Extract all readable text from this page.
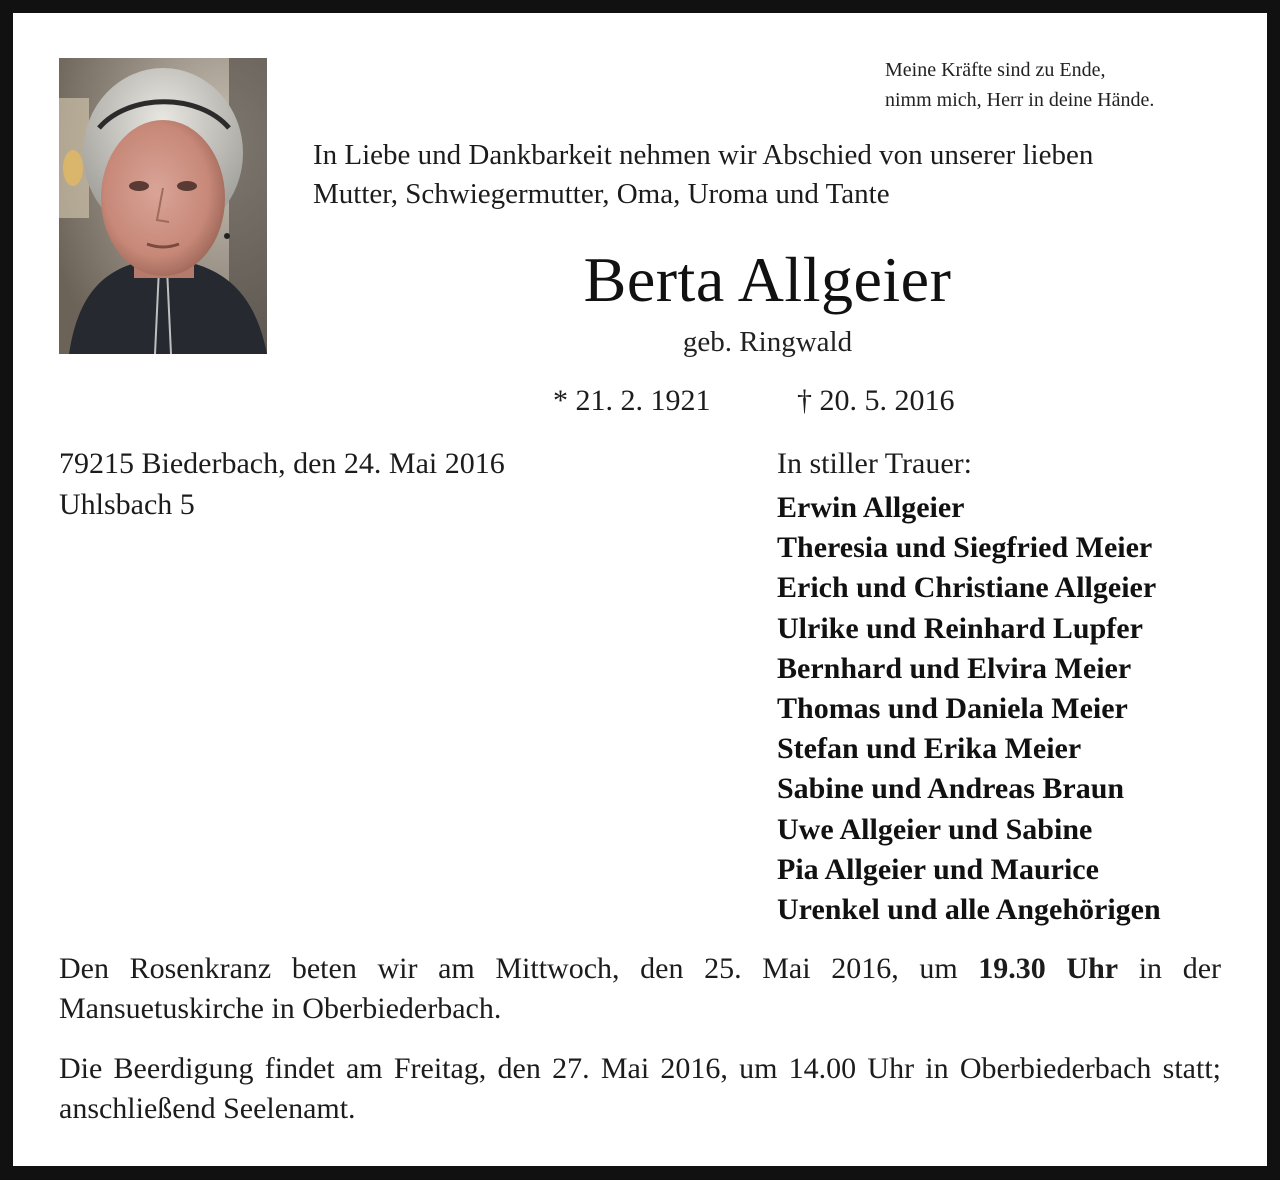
Meine Kräfte sind zu Ende,
nimm mich, Herr in deine Hände.
In Liebe und Dankbarkeit nehmen wir Abschied von unserer lieben
Mutter, Schwiegermutter, Oma, Uroma und Tante
Berta Allgeier
geb. Ringwald
* 21. 2. 1921	† 20. 5. 2016
79215 Biederbach, den 24. Mai 2016
Uhlsbach 5
In stiller Trauer:
Erwin Allgeier
Theresia und Siegfried Meier
Erich und Christiane Allgeier
Ulrike und Reinhard Lupfer
Bernhard und Elvira Meier
Thomas und Daniela Meier
Stefan und Erika Meier
Sabine und Andreas Braun
Uwe Allgeier und Sabine
Pia Allgeier und Maurice
Urenkel und alle Angehörigen
Den Rosenkranz beten wir am Mittwoch, den 25. Mai 2016, um 19.30 Uhr in der Mansuetuskirche in Oberbiederbach.
Die Beerdigung findet am Freitag, den 27. Mai 2016, um 14.00 Uhr in Oberbiederbach statt; anschließend Seelenamt.
